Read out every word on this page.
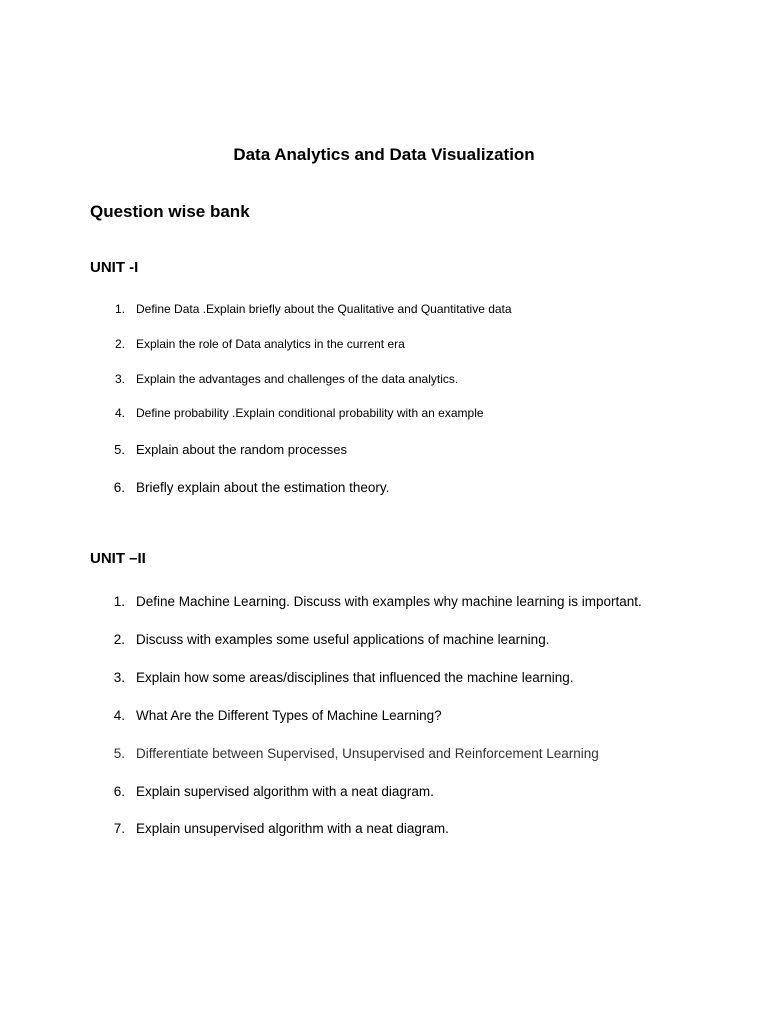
Data Analytics and Data Visualization
Question wise bank
UNIT -I
1. Define Data .Explain briefly about the Qualitative and Quantitative data
2. Explain the role of Data analytics in the current era
3. Explain the advantages and challenges of the data analytics.
4. Define probability .Explain conditional probability with an example
5. Explain about the random processes
6. Briefly explain about the estimation theory.
UNIT –II
1. Define Machine Learning. Discuss with examples why machine learning is important.
2. Discuss with examples some useful applications of machine learning.
3. Explain how some areas/disciplines that influenced the machine learning.
4. What Are the Different Types of Machine Learning?
5. Differentiate between Supervised, Unsupervised and Reinforcement Learning
6. Explain supervised algorithm with a neat diagram.
7. Explain unsupervised algorithm with a neat diagram.
